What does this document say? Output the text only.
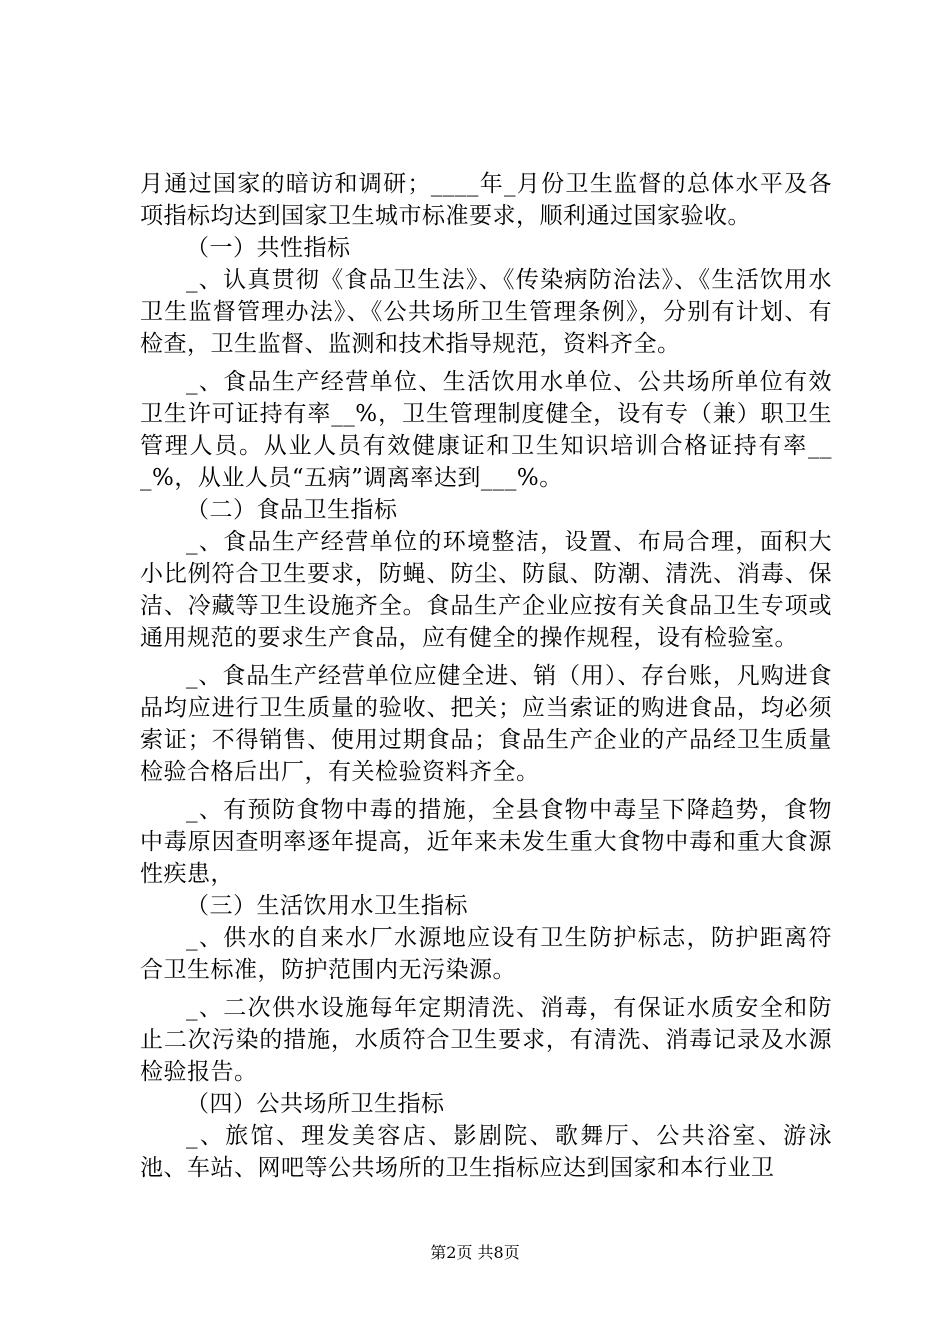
月通过国家的暗访和调研；____年_月份卫生监督的总体水平及各项指标均达到国家卫生城市标准要求，顺利通过国家验收。

（一）共性指标

_、认真贯彻《食品卫生法》、《传染病防治法》、《生活饮用水卫生监督管理办法》、《公共场所卫生管理条例》，分别有计划、有检查，卫生监督、监测和技术指导规范，资料齐全。

_、食品生产经营单位、生活饮用水单位、公共场所单位有效卫生许可证持有率__%，卫生管理制度健全，设有专（兼）职卫生管理人员。从业人员有效健康证和卫生知识培训合格证持有率___%，从业人员“五病”调离率达到___%。

（二）食品卫生指标

_、食品生产经营单位的环境整洁，设置、布局合理，面积大小比例符合卫生要求，防蝇、防尘、防鼠、防潮、清洗、消毒、保洁、冷藏等卫生设施齐全。食品生产企业应按有关食品卫生专项或通用规范的要求生产食品，应有健全的操作规程，设有检验室。

_、食品生产经营单位应健全进、销（用）、存台账，凡购进食品均应进行卫生质量的验收、把关；应当索证的购进食品，均必须索证；不得销售、使用过期食品；食品生产企业的产品经卫生质量检验合格后出厂，有关检验资料齐全。

_、有预防食物中毒的措施，全县食物中毒呈下降趋势，食物中毒原因查明率逐年提高，近年来未发生重大食物中毒和重大食源性疾患，

（三）生活饮用水卫生指标

_、供水的自来水厂水源地应设有卫生防护标志，防护距离符合卫生标准，防护范围内无污染源。

_、二次供水设施每年定期清洗、消毒，有保证水质安全和防止二次污染的措施，水质符合卫生要求，有清洗、消毒记录及水源检验报告。

（四）公共场所卫生指标

_、旅馆、理发美容店、影剧院、歌舞厅、公共浴室、游泳池、车站、网吧等公共场所的卫生指标应达到国家和本行业卫

第2页 共8页
